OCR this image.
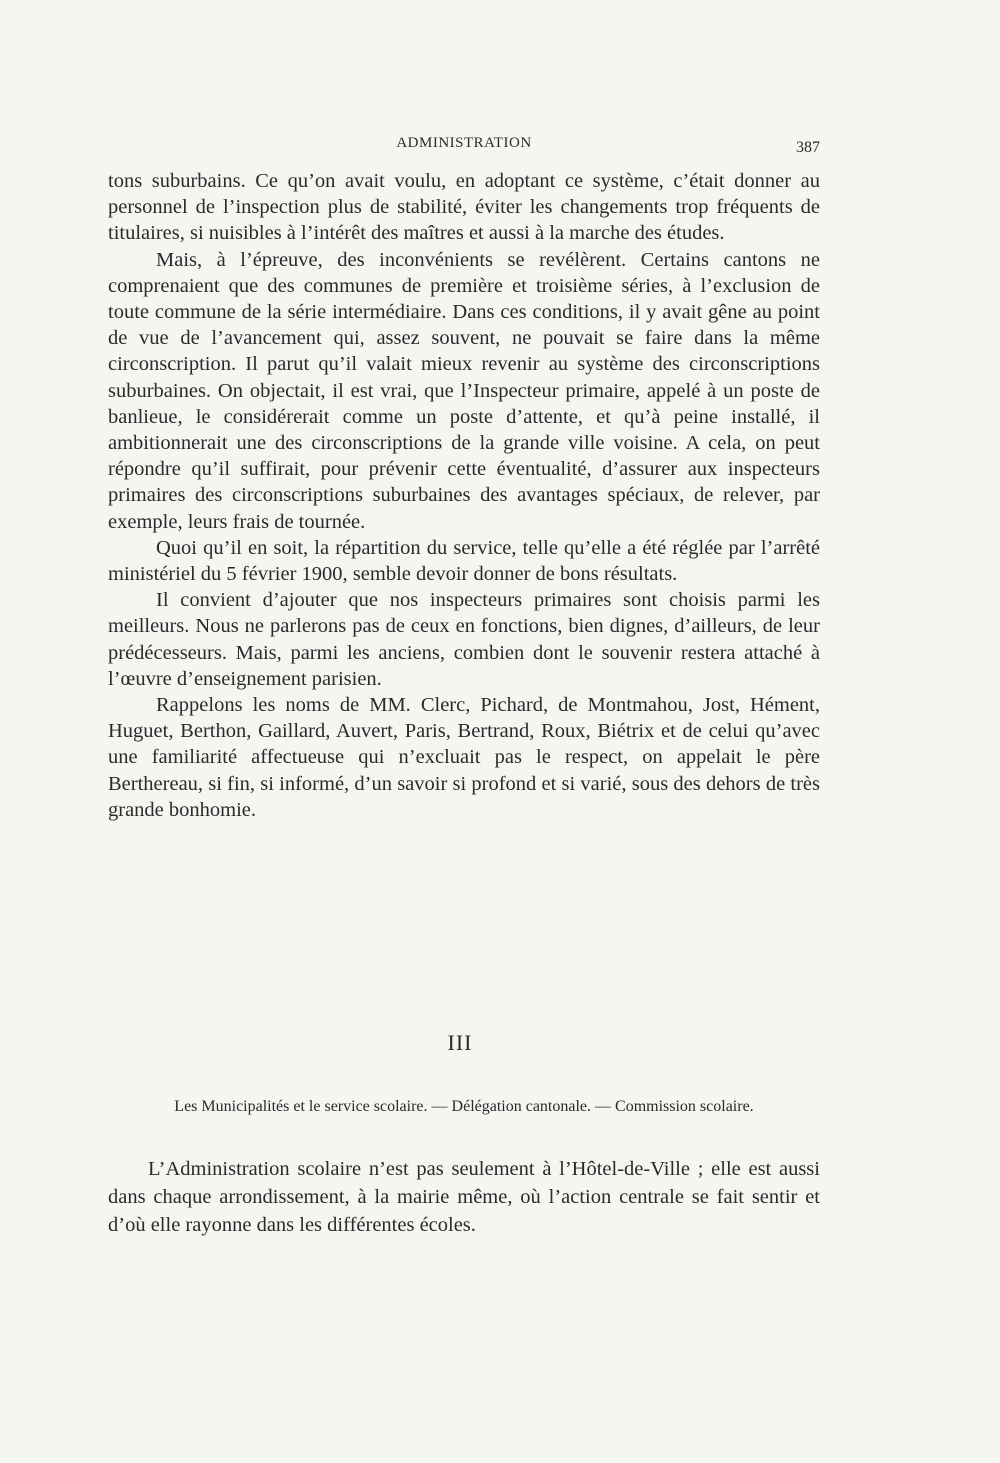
ADMINISTRATION	387

tons suburbains. Ce qu’on avait voulu, en adoptant ce système, c’était donner au personnel de l’inspection plus de stabilité, éviter les changements trop fréquents de titulaires, si nuisibles à l’intérêt des maîtres et aussi à la marche des études.

Mais, à l’épreuve, des inconvénients se revélèrent. Certains cantons ne comprenaient que des communes de première et troisième séries, à l’exclusion de toute commune de la série intermédiaire. Dans ces conditions, il y avait gêne au point de vue de l’avancement qui, assez souvent, ne pouvait se faire dans la même circonscription. Il parut qu’il valait mieux revenir au système des circonscriptions suburbaines. On objectait, il est vrai, que l’Inspecteur primaire, appelé à un poste de banlieue, le considérerait comme un poste d’attente, et qu’à peine installé, il ambitionnerait une des circonscriptions de la grande ville voisine. A cela, on peut répondre qu’il suffirait, pour prévenir cette éventualité, d’assurer aux inspecteurs primaires des circonscriptions suburbaines des avantages spéciaux, de relever, par exemple, leurs frais de tournée.

Quoi qu’il en soit, la répartition du service, telle qu’elle a été réglée par l’arrêté ministériel du 5 février 1900, semble devoir donner de bons résultats.

Il convient d’ajouter que nos inspecteurs primaires sont choisis parmi les meilleurs. Nous ne parlerons pas de ceux en fonctions, bien dignes, d’ailleurs, de leur prédécesseurs. Mais, parmi les anciens, combien dont le souvenir restera attaché à l’œuvre d’enseignement parisien.

Rappelons les noms de MM. Clerc, Pichard, de Montmahou, Jost, Hément, Huguet, Berthon, Gaillard, Auvert, Paris, Bertrand, Roux, Biétrix et de celui qu’avec une familiarité affectueuse qui n’excluait pas le respect, on appelait le père Berthereau, si fin, si informé, d’un savoir si profond et si varié, sous des dehors de très grande bonhomie.

III
Les Municipalités et le service scolaire. — Délégation cantonale. — Commission scolaire.

L’Administration scolaire n’est pas seulement à l’Hôtel-de-Ville ; elle est aussi dans chaque arrondissement, à la mairie même, où l’action centrale se fait sentir et d’où elle rayonne dans les différentes écoles.
